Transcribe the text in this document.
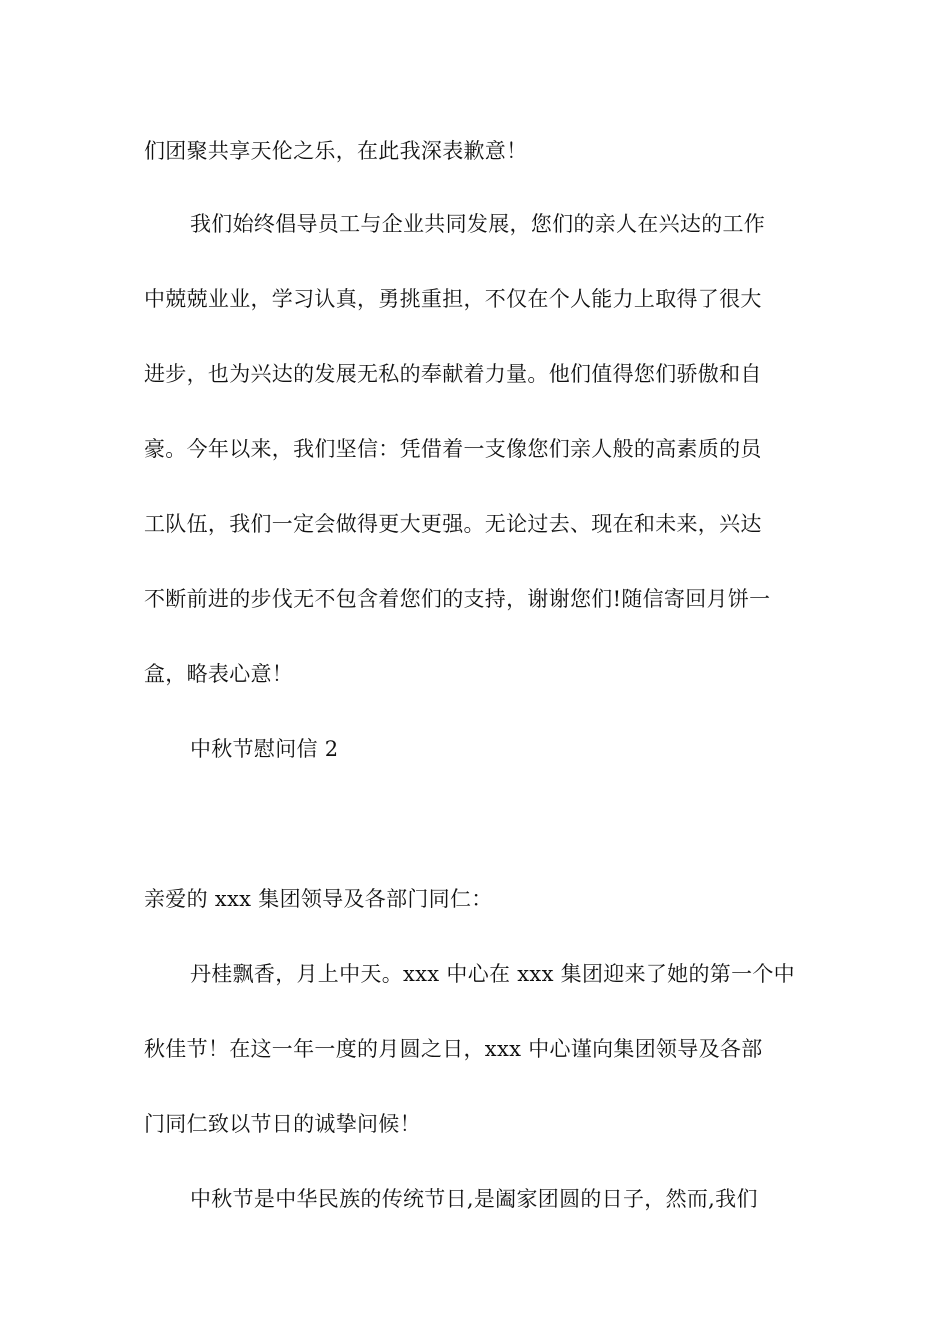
们团聚共享天伦之乐，在此我深表歉意！
我们始终倡导员工与企业共同发展，您们的亲人在兴达的工作
中兢兢业业，学习认真，勇挑重担，不仅在个人能力上取得了很大
进步，也为兴达的发展无私的奉献着力量。他们值得您们骄傲和自
豪。今年以来，我们坚信：凭借着一支像您们亲人般的高素质的员
工队伍，我们一定会做得更大更强。无论过去、现在和未来，兴达
不断前进的步伐无不包含着您们的支持，谢谢您们!随信寄回月饼一
盒，略表心意！
中秋节慰问信 2
亲爱的 xxx 集团领导及各部门同仁：
丹桂飘香，月上中天。xxx 中心在 xxx 集团迎来了她的第一个中
秋佳节！在这一年一度的月圆之日，xxx 中心谨向集团领导及各部
门同仁致以节日的诚挚问候！
中秋节是中华民族的传统节日,是阖家团圆的日子，然而,我们
